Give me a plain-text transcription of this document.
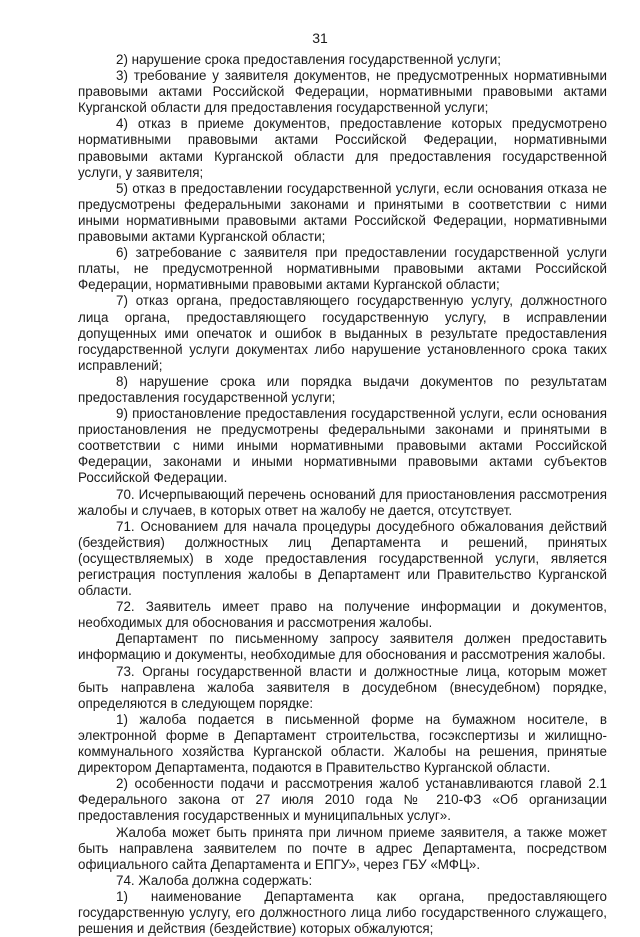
31

2) нарушение срока предоставления государственной услуги;

3) требование у заявителя документов, не предусмотренных нормативными правовыми актами Российской Федерации, нормативными правовыми актами Курганской области для предоставления государственной услуги;

4) отказ в приеме документов, предоставление которых предусмотрено нормативными правовыми актами Российской Федерации, нормативными правовыми актами Курганской области для предоставления государственной услуги, у заявителя;

5) отказ в предоставлении государственной услуги, если основания отказа не предусмотрены федеральными законами и принятыми в соответствии с ними иными нормативными правовыми актами Российской Федерации, нормативными правовыми актами Курганской области;

6) затребование с заявителя при предоставлении государственной услуги платы, не предусмотренной нормативными правовыми актами Российской Федерации, нормативными правовыми актами Курганской области;

7) отказ органа, предоставляющего государственную услугу, должностного лица органа, предоставляющего государственную услугу, в исправлении допущенных ими опечаток и ошибок в выданных в результате предоставления государственной услуги документах либо нарушение установленного срока таких исправлений;

8) нарушение срока или порядка выдачи документов по результатам предоставления государственной услуги;

9) приостановление предоставления государственной услуги, если основания приостановления не предусмотрены федеральными законами и принятыми в соответствии с ними иными нормативными правовыми актами Российской Федерации, законами и иными нормативными правовыми актами субъектов Российской Федерации.

70. Исчерпывающий перечень оснований для приостановления рассмотрения жалобы и случаев, в которых ответ на жалобу не дается, отсутствует.

71. Основанием для начала процедуры досудебного обжалования действий (бездействия) должностных лиц Департамента и решений, принятых (осуществляемых) в ходе предоставления государственной услуги, является регистрация поступления жалобы в Департамент или Правительство Курганской области.

72. Заявитель имеет право на получение информации и документов, необходимых для обоснования и рассмотрения жалобы.

Департамент по письменному запросу заявителя должен предоставить информацию и документы, необходимые для обоснования и рассмотрения жалобы.

73. Органы государственной власти и должностные лица, которым может быть направлена жалоба заявителя в досудебном (внесудебном) порядке, определяются в следующем порядке:

1) жалоба подается в письменной форме на бумажном носителе, в электронной форме в Департамент строительства, госэкспертизы и жилищно-коммунального хозяйства Курганской области. Жалобы на решения, принятые директором Департамента, подаются в Правительство Курганской области.

2) особенности подачи и рассмотрения жалоб устанавливаются главой 2.1 Федерального закона от 27 июля 2010 года № 210-ФЗ «Об организации предоставления государственных и муниципальных услуг».

Жалоба может быть принята при личном приеме заявителя, а также может быть направлена заявителем по почте в адрес Департамента, посредством официального сайта Департамента и ЕПГУ», через ГБУ «МФЦ».

74. Жалоба должна содержать:

1) наименование Департамента как органа, предоставляющего государственную услугу, его должностного лица либо государственного служащего, решения и действия (бездействие) которых обжалуются;
